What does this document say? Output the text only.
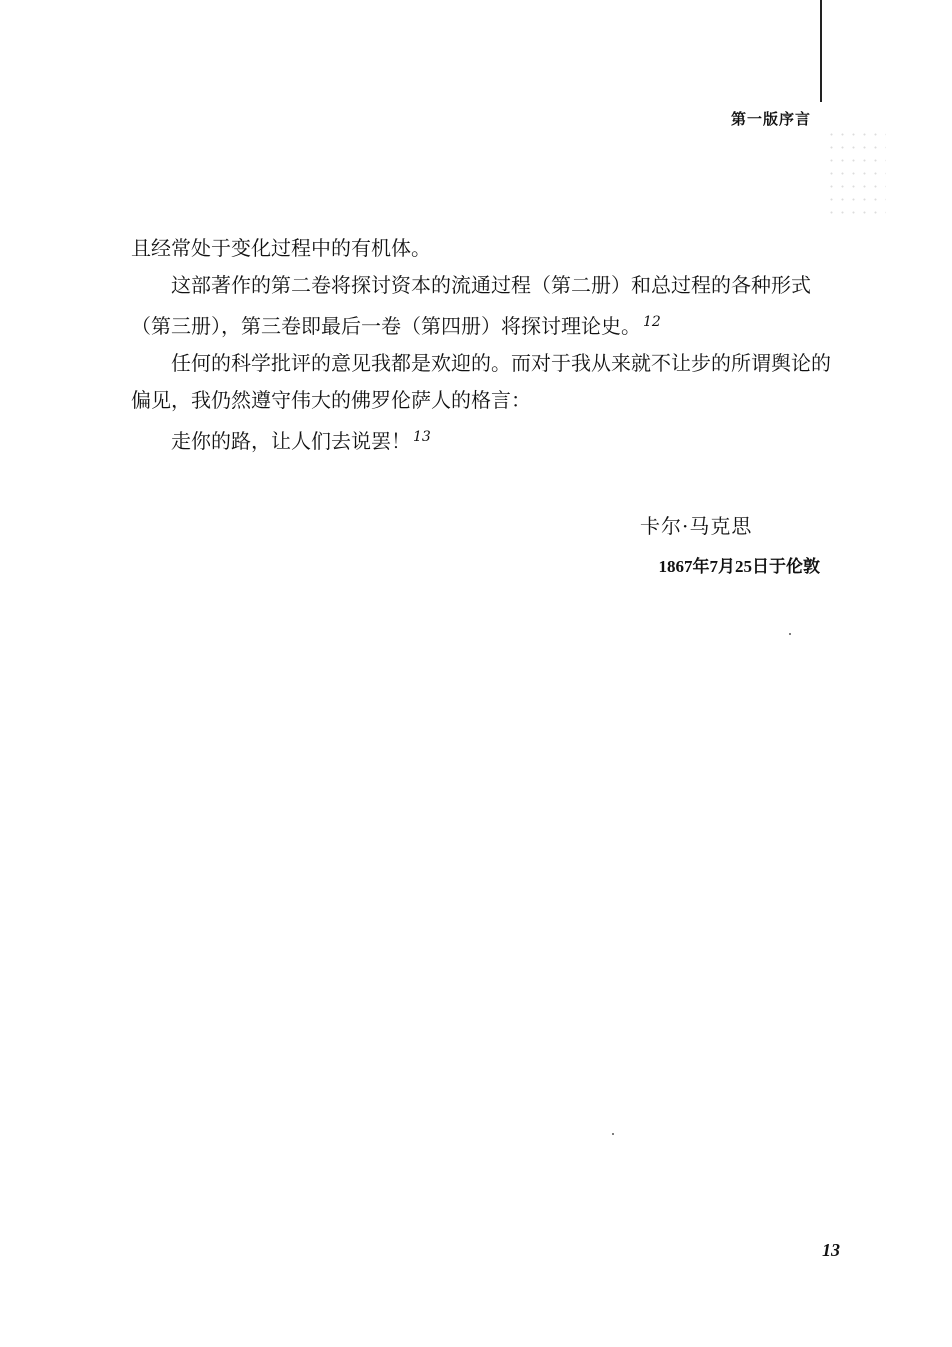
第一版序言

且经常处于变化过程中的有机体。

这部著作的第二卷将探讨资本的流通过程（第二册）和总过程的各种形式（第三册），第三卷即最后一卷（第四册）将探讨理论史。 $^{12}$

任何的科学批评的意见我都是欢迎的。而对于我从来就不让步的所谓舆论的偏见，我仍然遵守伟大的佛罗伦萨人的格言：

走你的路，让人们去说罢！ $^{13}$

卡尔·马克思
1867年7月25日于伦敦
13
